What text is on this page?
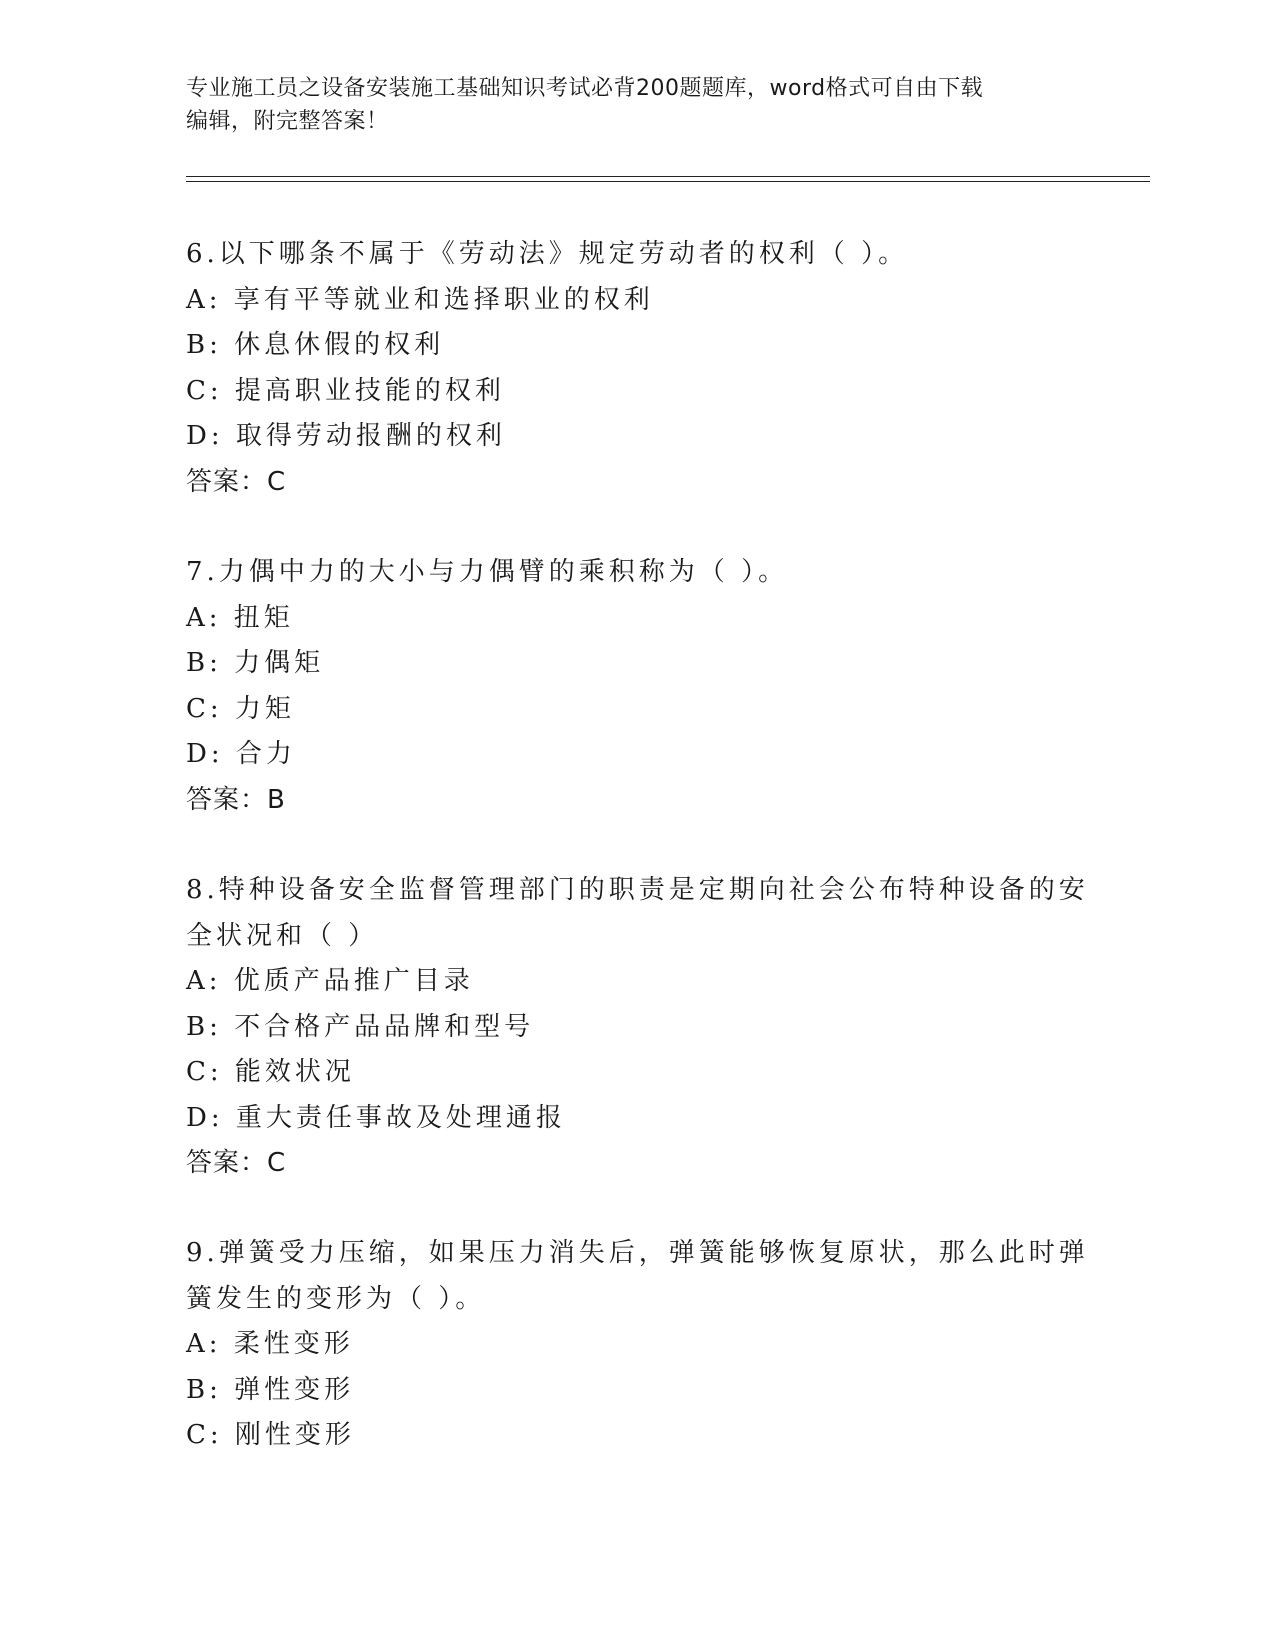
专业施工员之设备安装施工基础知识考试必背200题题库，word格式可自由下载
编辑，附完整答案！
6.以下哪条不属于《劳动法》规定劳动者的权利（ ）。
A: 享有平等就业和选择职业的权利
B: 休息休假的权利
C: 提高职业技能的权利
D: 取得劳动报酬的权利
答案：C
7.力偶中力的大小与力偶臂的乘积称为（ ）。
A: 扭矩
B: 力偶矩
C: 力矩
D: 合力
答案：B
8.特种设备安全监督管理部门的职责是定期向社会公布特种设备的安
全状况和（ ）
A: 优质产品推广目录
B: 不合格产品品牌和型号
C: 能效状况
D: 重大责任事故及处理通报
答案：C
9.弹簧受力压缩，如果压力消失后，弹簧能够恢复原状，那么此时弹
簧发生的变形为（ ）。
A: 柔性变形
B: 弹性变形
C: 刚性变形
